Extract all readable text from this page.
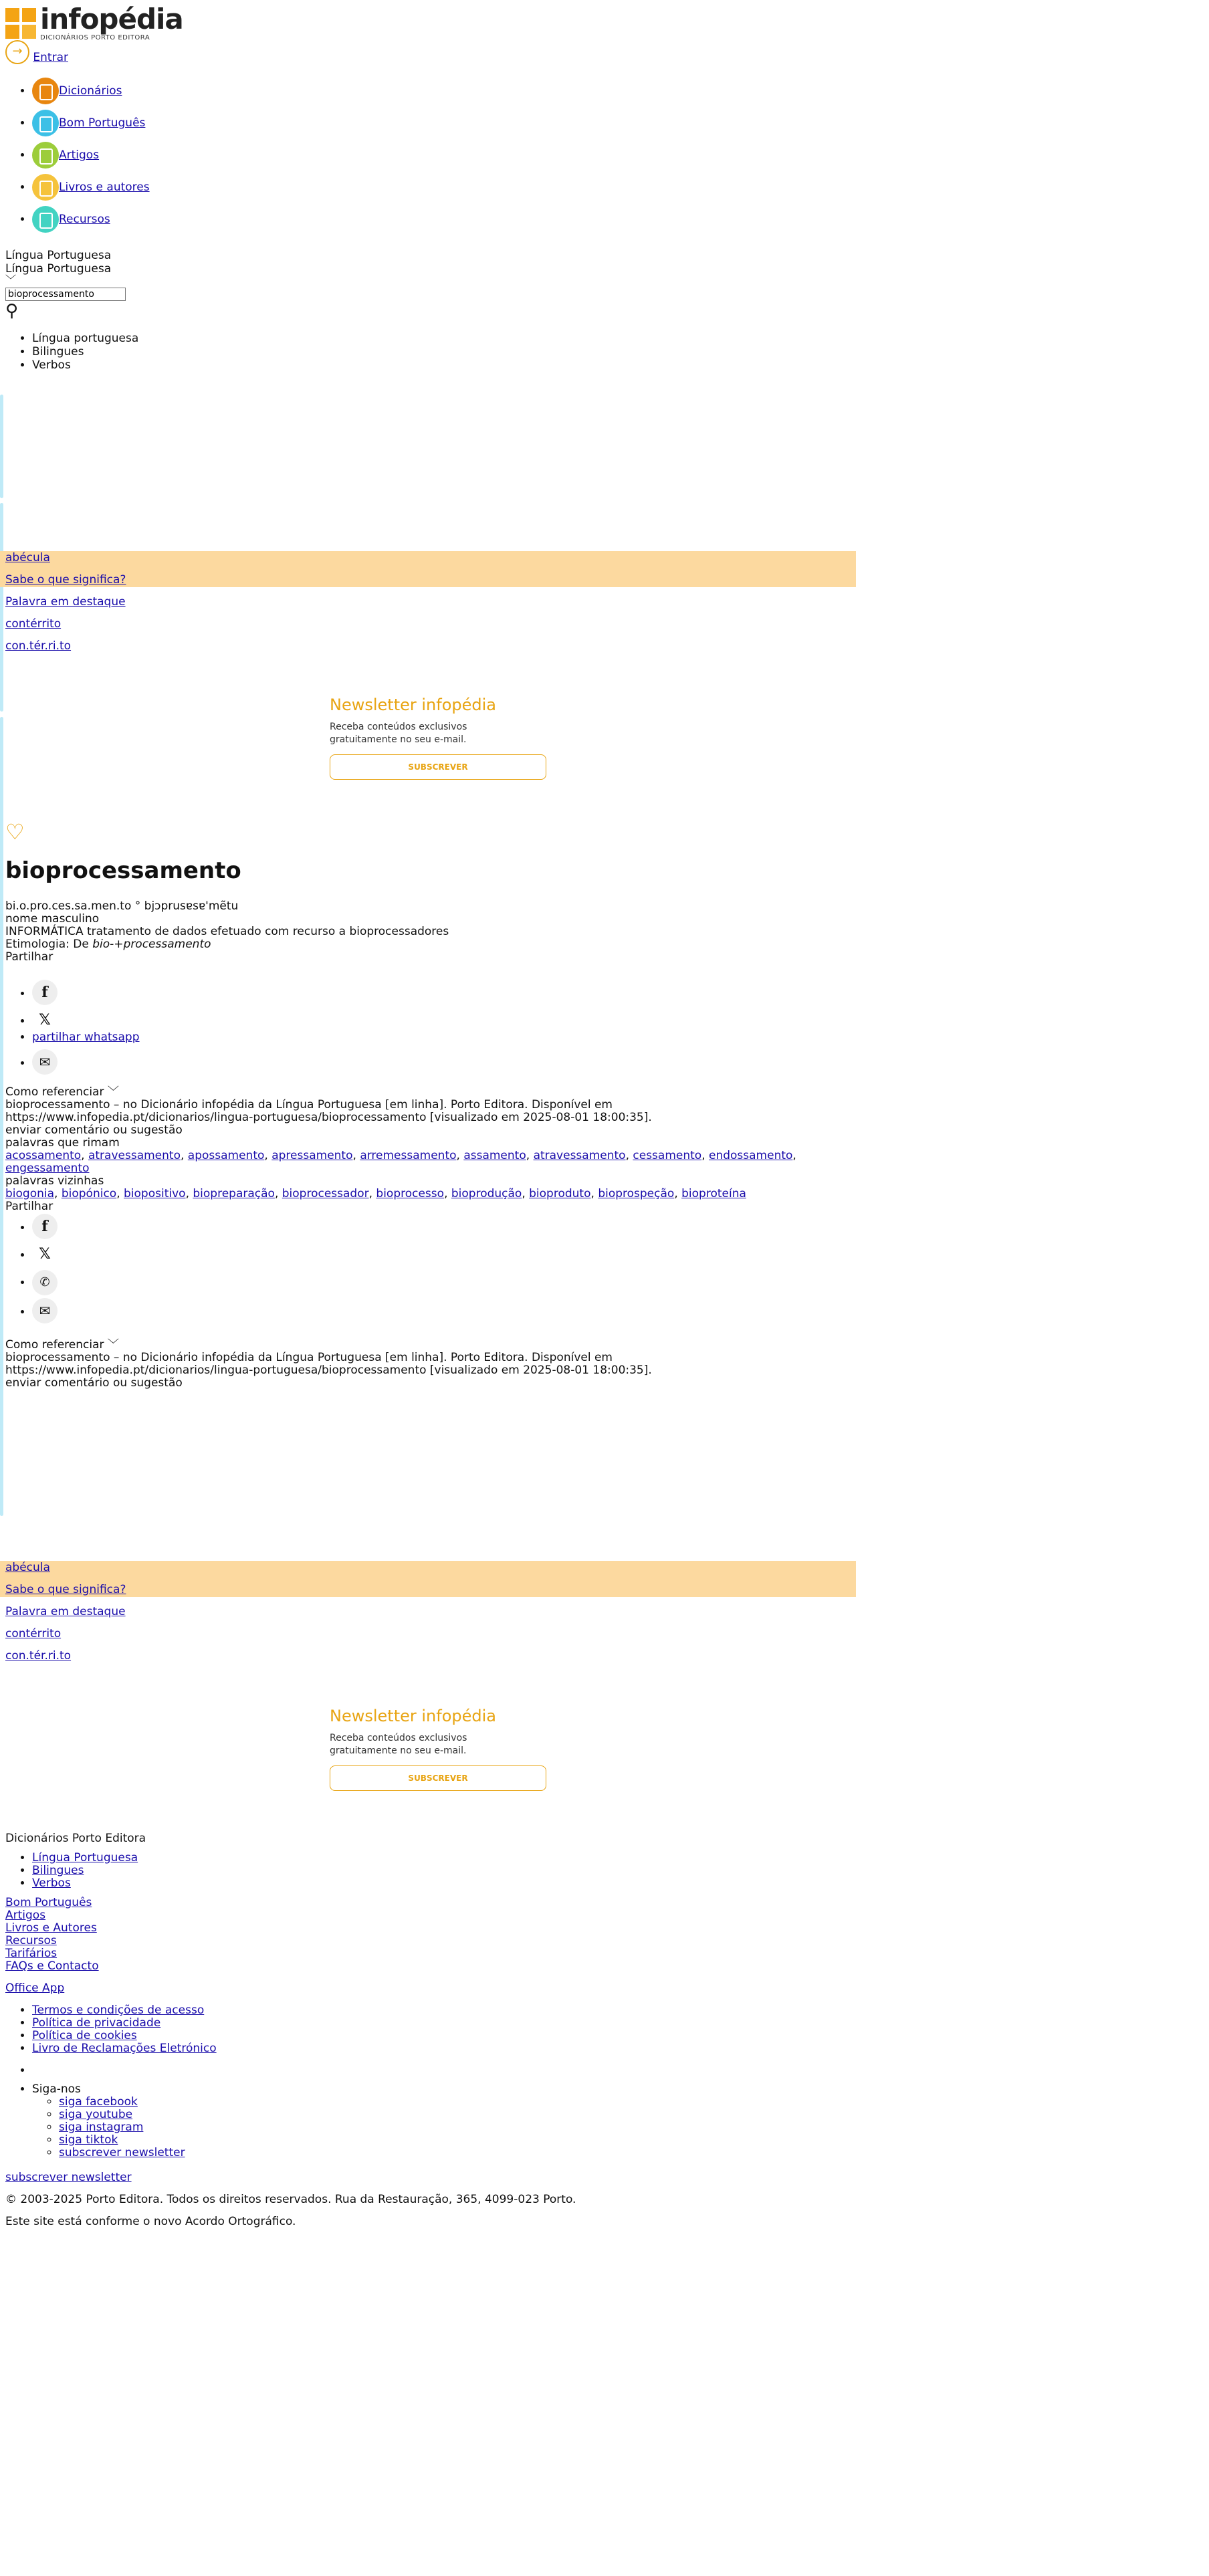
infopédia
DICIONÁRIOS PORTO EDITORA
→ Entrar
• Dicionários
• Bom Português
• Artigos
• Livros e autores
• Recursos
Língua Portuguesa
Língua Portuguesa
﹀
bioprocessamento
⚲
• Língua portuguesa
• Bilingues
• Verbos
abécula
Sabe o que significa?
Palavra em destaque
contérrito
con.tér.ri.to
Newsletter infopédia
Receba conteúdos exclusivos gratuitamente no seu e-mail.
SUBSCREVER
♡
bioprocessamento
bi.o.pro.ces.sa.men.to ° bjɔprusɐsɐ'mẽtu
nome masculino
INFORMÁTICA tratamento de dados efetuado com recurso a bioprocessadores
Etimologia: De bio-+processamento
Partilhar
• f
• 𝕏
• partilhar whatsapp
• ✉
Como referenciar ﹀
bioprocessamento – no Dicionário infopédia da Língua Portuguesa [em linha]. Porto Editora. Disponível em https://www.infopedia.pt/dicionarios/lingua-portuguesa/bioprocessamento [visualizado em 2025-08-01 18:00:35].
enviar comentário ou sugestão
palavras que rimam
acossamento, atravessamento, apossamento, apressamento, arremessamento, assamento, atravessamento, cessamento, endossamento, engessamento
palavras vizinhas
biogonia, biopónico, biopositivo, biopreparação, bioprocessador, bioprocesso, bioprodução, bioproduto, bioprospeção, bioproteína
Partilhar
• f
• 𝕏
• ✆
• ✉
Como referenciar ﹀
bioprocessamento – no Dicionário infopédia da Língua Portuguesa [em linha]. Porto Editora. Disponível em https://www.infopedia.pt/dicionarios/lingua-portuguesa/bioprocessamento [visualizado em 2025-08-01 18:00:35].
enviar comentário ou sugestão
abécula
Sabe o que significa?
Palavra em destaque
contérrito
con.tér.ri.to
Newsletter infopédia
Receba conteúdos exclusivos gratuitamente no seu e-mail.
SUBSCREVER
Dicionários Porto Editora
• Língua Portuguesa
• Bilingues
• Verbos
Bom Português
Artigos
Livros e Autores
Recursos
Tarifários
FAQs e Contacto
Office App
• Termos e condições de acesso
• Política de privacidade
• Política de cookies
• Livro de Reclamações Eletrónico
•
• Siga-nos
◦ siga facebook
◦ siga youtube
◦ siga instagram
◦ siga tiktok
◦ subscrever newsletter
subscrever newsletter
© 2003-2025 Porto Editora. Todos os direitos reservados. Rua da Restauração, 365, 4099-023 Porto.
Este site está conforme o novo Acordo Ortográfico.
